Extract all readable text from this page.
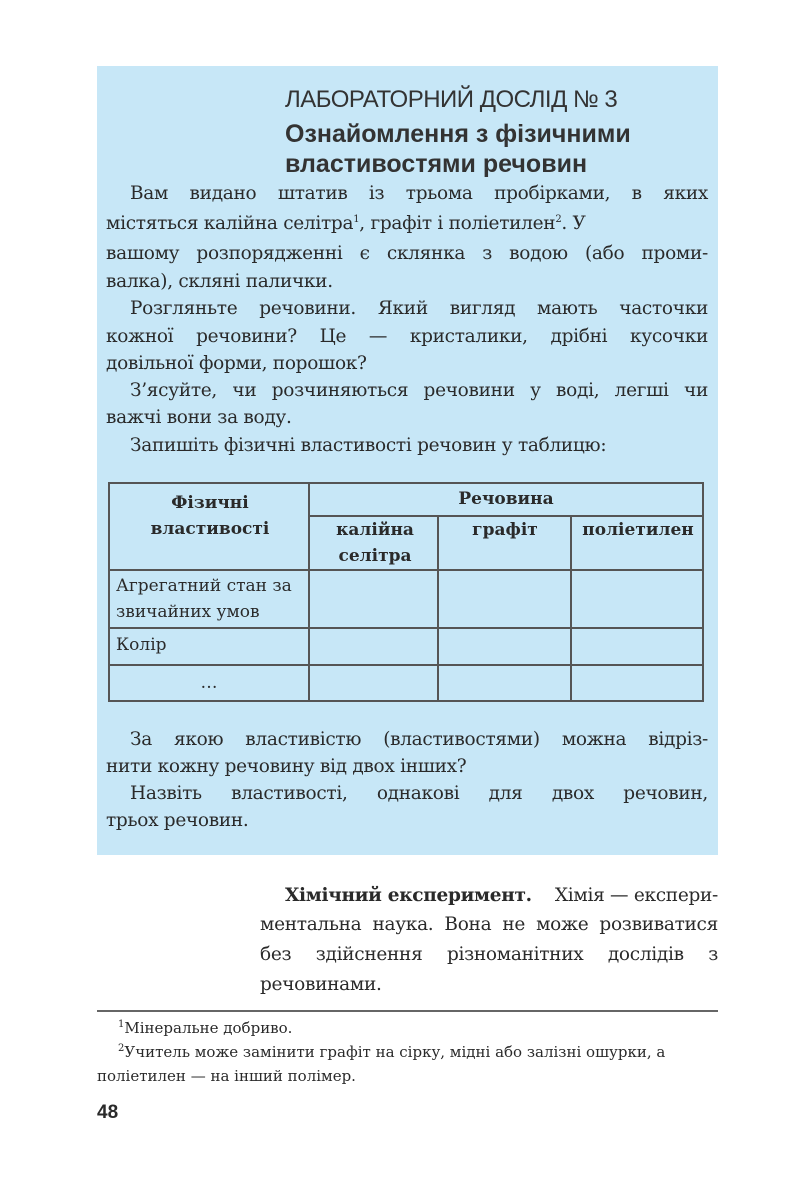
ЛАБОРАТОРНИЙ ДОСЛІД № 3
Ознайомлення з фізичними
властивостями речовин
Вам видано штатив із трьома пробірками, в яких
містяться калійна селітра$^1$, графіт і поліетилен$^2$. У
вашому розпорядженні є склянка з водою (або проми-
валка), скляні палички.
Розгляньте речовини. Який вигляд мають часточки
кожної речовини? Це — кристалики, дрібні кусочки
довільної форми, порошок?
З’ясуйте, чи розчиняються речовини у воді, легші чи
важчі вони за воду.
Запишіть фізичні властивості речовин у таблицю:
Фізичні властивості
Речовина
калійна селітра
графіт	поліетилен
Агрегатний стан за звичайних умов
Колір
…
За якою властивістю (властивостями) можна відріз-
нити кожну речовину від двох інших?
Назвіть властивості, однакові для двох речовин,
трьох речовин.
Хімічний експеримент. Хімія — експери-
ментальна наука. Вона не може розвиватися
без здійснення різноманітних дослідів з
речовинами.
$^1$Мінеральне добриво.
$^2$Учитель може замінити графіт на сірку, мідні або залізні ошурки, а
поліетилен — на інший полімер.
48
